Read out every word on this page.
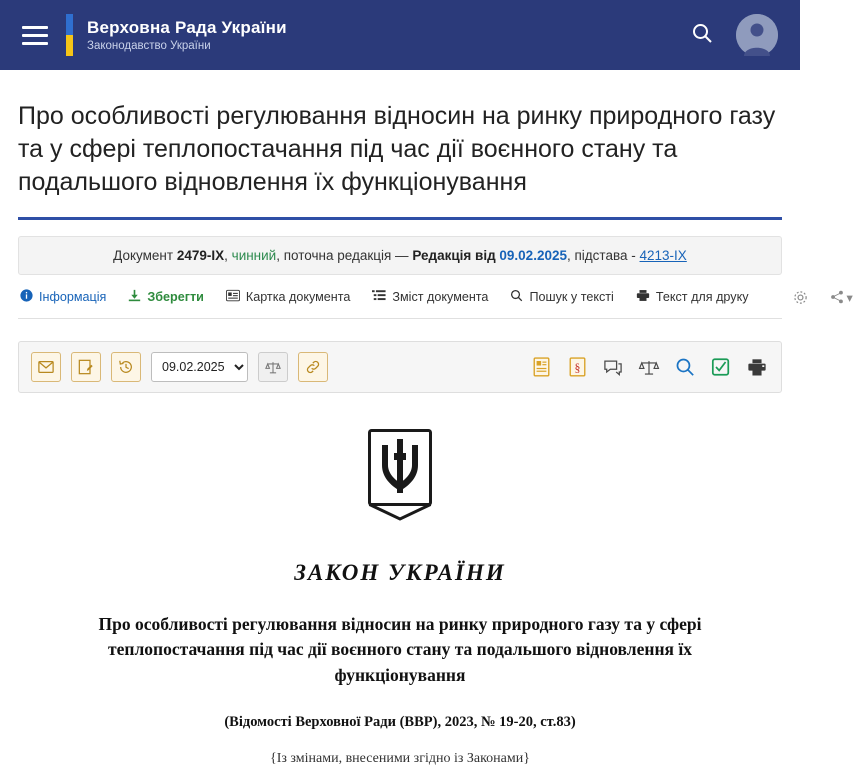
Верховна Рада України
Законодавство України
Про особливості регулювання відносин на ринку природного газу та у сфері теплопостачання під час дії воєнного стану та подальшого відновлення їх функціонування
Документ 2479-IX, чинний, поточна редакція — Редакція від 09.02.2025, підстава - 4213-IX
Інформація	Зберегти	Картка документа	Зміст документа	Пошук у тексті	Текст для друку	▾
09.02.2025
§
ЗАКОН УКРАЇНИ
Про особливості регулювання відносин на ринку природного газу та у сфері теплопостачання під час дії воєнного стану та подальшого відновлення їх функціонування
(Відомості Верховної Ради (ВВР), 2023, № 19-20, ст.83)
{Із змінами, внесеними згідно із Законами}
